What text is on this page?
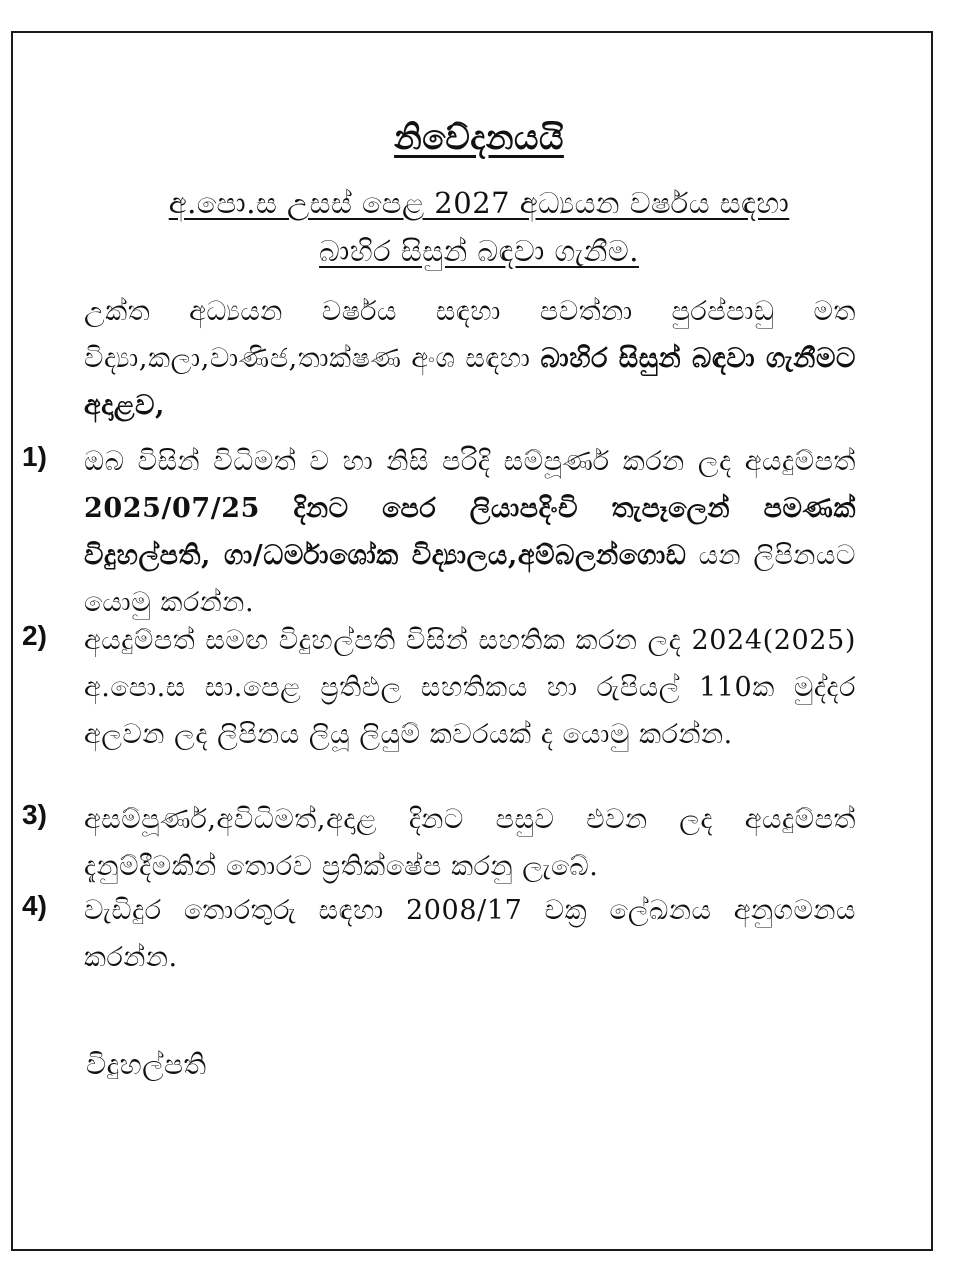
නිවේදනයයි
අ.පො.ස උසස් පෙළ 2027 අධ්‍යයන වර්ෂය සඳහා
බාහිර සිසුන් බඳවා ගැනීම.
උක්ත අධ්‍යයන වර්ෂය සඳහා පවත්නා පුරප්පාඩු මත විද්‍යා,කලා,වාණිජ,තාක්ෂණ අංශ සඳහා බාහිර සිසුන් බඳවා ගැනීමට අදාළව,
1) ඔබ විසින් විධිමත් ව හා නිසි පරිදි සම්පූර්ණ කරන ලද අයදුම්පත් 2025/07/25 දිනට පෙර ලියාපදිංචි තැපෑලෙන් පමණක් විදුහල්පති, ගා/ධර්මාශෝක විද්‍යාලය,අම්බලන්ගොඩ යන ලිපිනයට යොමු කරන්න.
2) අයදුම්පත් සමඟ විදුහල්පති විසින් සහතික කරන ලද 2024(2025) අ.පො.ස සා.පෙළ ප්‍රතිඵල සහතිකය හා රුපියල් 110ක මුද්දර අලවන ලද ලිපිනය ලියූ ලියුම් කවරයක් ද යොමු කරන්න.
3) අසම්පූර්ණ,අවිධිමත්,අදාළ දිනට පසුව එවන ලද අයදුම්පත් දැනුම්දීමකින් තොරව ප්‍රතික්ෂේප කරනු ලැබේ.
4) වැඩිදුර තොරතුරු සඳහා 2008/17 චක්‍ර ලේඛනය අනුගමනය කරන්න.
විදුහල්පති
